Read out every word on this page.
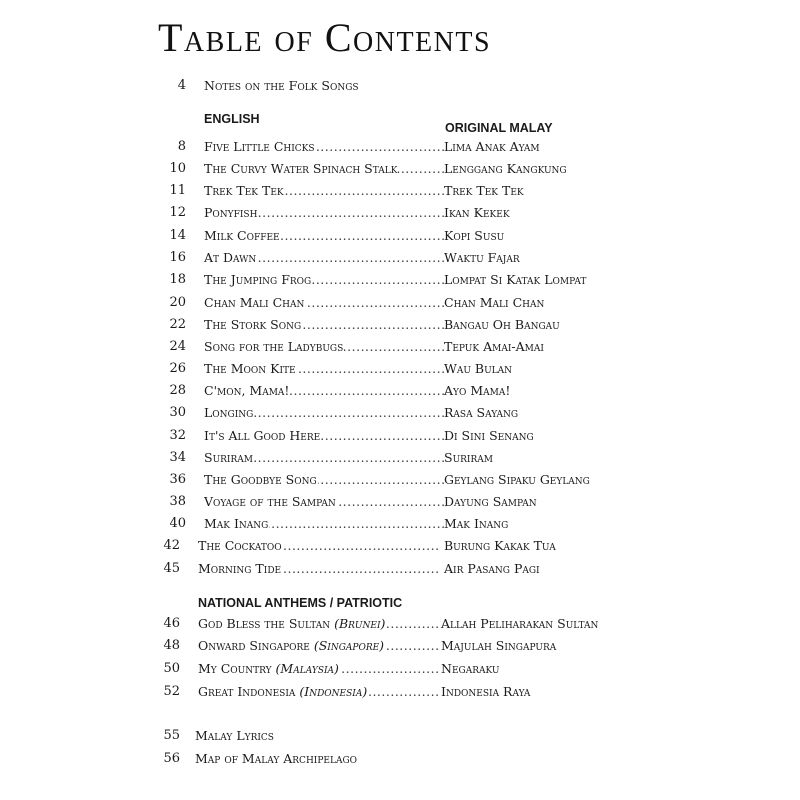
Table of Contents
4 Notes on the Folk Songs
ENGLISH
ORIGINAL MALAY
8 Five Little Chicks .....	Lima Anak Ayam
10 The Curvy Water Spinach Stalk .....	Lenggang Kangkung
11 Trek Tek Tek .....	Trek Tek Tek
12 Ponyfish .....	Ikan Kekek
14 Milk Coffee .....	Kopi Susu
16 At Dawn .....	Waktu Fajar
18 The Jumping Frog .....	Lompat Si Katak Lompat
20 Chan Mali Chan .....	Chan Mali Chan
22 The Stork Song .....	Bangau Oh Bangau
24 Song for the Ladybugs .....	Tepuk Amai-Amai
26 The Moon Kite .....	Wau Bulan
28 C'mon, Mama! .....	Ayo Mama!
30 Longing .....	Rasa Sayang
32 It's All Good Here .....	Di Sini Senang
34 Suriram .....	Suriram
36 The Goodbye Song .....	Geylang Sipaku Geylang
38 Voyage of the Sampan .....	Dayung Sampan
40 Mak Inang .....	Mak Inang
42 The Cockatoo .....	Burung Kakak Tua
45 Morning Tide .....	Air Pasang Pagi
NATIONAL ANTHEMS / PATRIOTIC
46 God Bless the Sultan (Brunei) .....	Allah Peliharakan Sultan
48 Onward Singapore (Singapore) .....	Majulah Singapura
50 My Country (Malaysia) .....	Negaraku
52 Great Indonesia (Indonesia) .....	Indonesia Raya
55 Malay Lyrics
56 Map of Malay Archipelago
